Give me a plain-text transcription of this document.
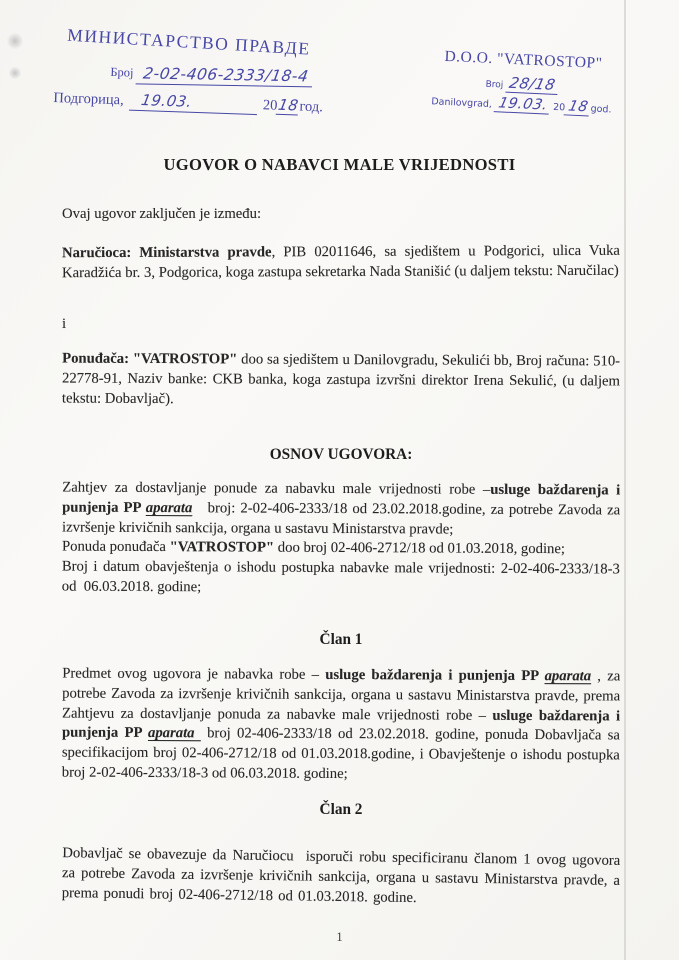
МИНИСТАРСТВО ПРАВДЕ
Број 2-02-406-2333/18-4
Подгорица, 19.03.	2018год.
D.O.O. "VATROSTOP"
Broj 28/18
Danilovgrad, 19.03. 2018god.
UGOVOR O NABAVCI MALE VRIJEDNOSTI

Ovaj ugovor zaključen je između:

Naručioca: Ministarstva pravde, PIB 02011646, sa sjedištem u Podgorici, ulica Vuka Karadžića br. 3, Podgorica, koga zastupa sekretarka Nada Stanišić (u daljem tekstu: Naručilac)

i

Ponuđača: "VATROSTOP" doo sa sjedištem u Danilovgradu, Sekulići bb, Broj računa: 510-22778-91, Naziv banke: CKB banka, koga zastupa izvršni direktor Irena Sekulić, (u daljem tekstu: Dobavljač).

OSNOV UGOVORA:

Zahtjev za dostavljanje ponude za nabavku male vrijednosti robe –usluge baždarenja i punjenja PP aparata   broj: 2-02-406-2333/18 od 23.02.2018.godine, za potrebe Zavoda za izvršenje krivičnih sankcija, organa u sastavu Ministarstva pravde;

Ponuda ponuđača "VATROSTOP" doo broj 02-406-2712/18 od 01.03.2018, godine;

Broj i datum obavještenja o ishodu postupka nabavke male vrijednosti: 2-02-406-2333/18-3 od  06.03.2018. godine;

Član 1

Predmet ovog ugovora je nabavka robe – usluge baždarenja i punjenja PP aparata , za potrebe Zavoda za izvršenje krivičnih sankcija, organa u sastavu Ministarstva pravde, prema Zahtjevu za dostavljanje ponuda za nabavke male vrijednosti robe – usluge baždarenja i punjenja PP aparata  broj 02-406-2333/18 od 23.02.2018. godine, ponuda Dobavljača sa specifikacijom broj 02-406-2712/18 od 01.03.2018.godine, i Obavještenje o ishodu postupka broj 2-02-406-2333/18-3 od 06.03.2018. godine;

Član 2

Dobavljač se obavezuje da Naručiocu  isporuči robu specificiranu članom 1 ovog ugovora za potrebe Zavoda za izvršenje krivičnih sankcija, organa u sastavu Ministarstva pravde, a prema ponudi broj 02-406-2712/18 od 01.03.2018. godine.

1
